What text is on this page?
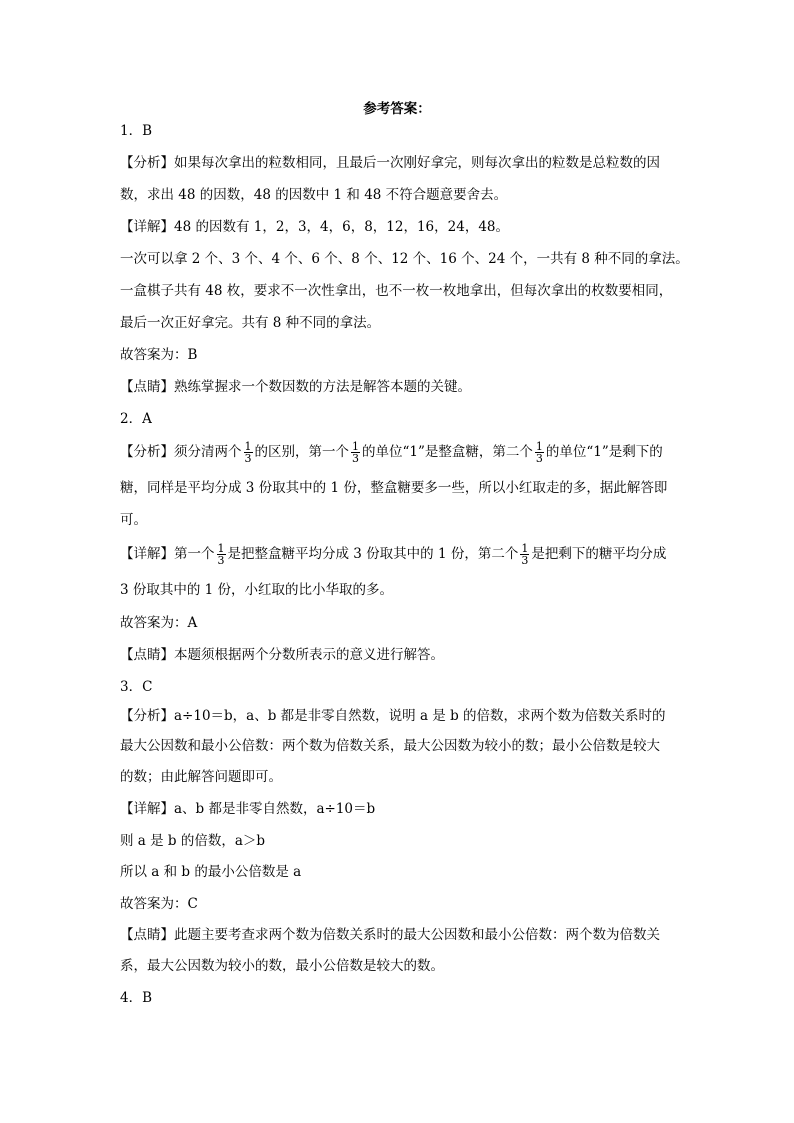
参考答案：
1．B
【分析】如果每次拿出的粒数相同，且最后一次刚好拿完，则每次拿出的粒数是总粒数的因
数，求出 48 的因数，48 的因数中 1 和 48 不符合题意要舍去。
【详解】48 的因数有 1，2，3，4，6，8，12，16，24，48。
一次可以拿 2 个、3 个、4 个、6 个、8 个、12 个、16 个、24 个，一共有 8 种不同的拿法。
一盒棋子共有 48 枚，要求不一次性拿出，也不一枚一枚地拿出，但每次拿出的枚数要相同，
最后一次正好拿完。共有 8 种不同的拿法。
故答案为：B
【点睛】熟练掌握求一个数因数的方法是解答本题的关键。
2．A
【分析】须分清两个 $\frac{1}{3}$ 的区别，第一个 $\frac{1}{3}$ 的单位“1”是整盒糖，第二个 $\frac{1}{3}$ 的单位“1”是剩下的
糖，同样是平均分成 3 份取其中的 1 份，整盒糖要多一些，所以小红取走的多，据此解答即
可。
【详解】第一个 $\frac{1}{3}$ 是把整盒糖平均分成 3 份取其中的 1 份，第二个 $\frac{1}{3}$ 是把剩下的糖平均分成
3 份取其中的 1 份，小红取的比小华取的多。
故答案为：A
【点睛】本题须根据两个分数所表示的意义进行解答。
3．C
【分析】a÷10＝b，a、b 都是非零自然数，说明 a 是 b 的倍数，求两个数为倍数关系时的
最大公因数和最小公倍数：两个数为倍数关系，最大公因数为较小的数；最小公倍数是较大
的数；由此解答问题即可。
【详解】a、b 都是非零自然数，a÷10＝b
则 a 是 b 的倍数，a＞b
所以 a 和 b 的最小公倍数是 a
故答案为：C
【点睛】此题主要考查求两个数为倍数关系时的最大公因数和最小公倍数：两个数为倍数关
系，最大公因数为较小的数，最小公倍数是较大的数。
4．B
